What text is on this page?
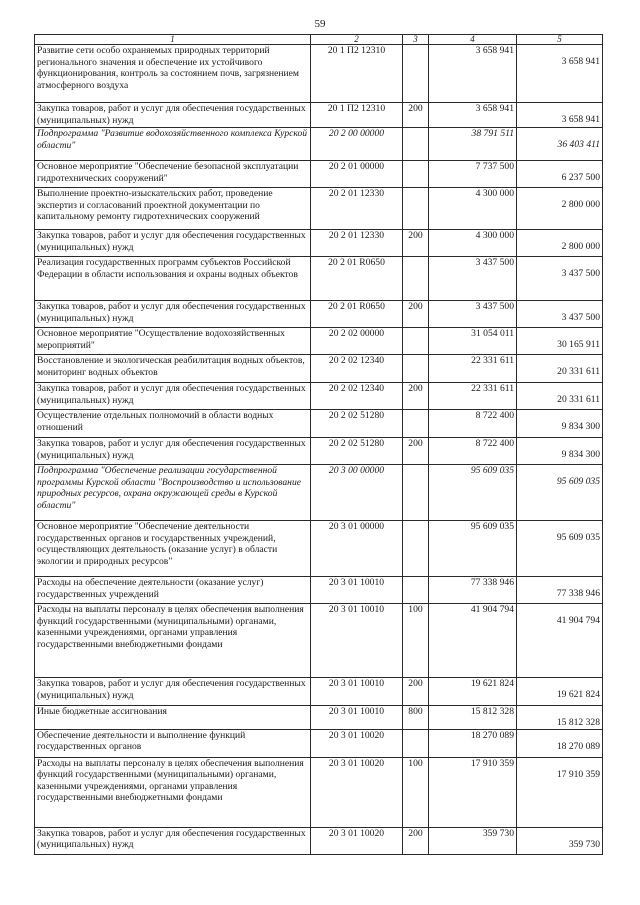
59
1	2	3	4	5
Развитие сети особо охраняемых природных территорий регионального значения и обеспечение их устойчивого функционирования, контроль за состоянием почв, загрязнением атмосферного воздуха	20 1 П2 12310		3 658 941	3 658 941

Закупка товаров, работ и услуг для обеспечения государственных (муниципальных) нужд	20 1 П2 12310	200	3 658 941	3 658 941

Подпрограмма "Развитие водохозяйственного комплекса Курской области"	20 2 00 00000		38 791 511	36 403 411

Основное мероприятие "Обеспечение безопасной эксплуатации гидротехнических сооружений"	20 2 01 00000		7 737 500	6 237 500

Выполнение проектно-изыскательских работ, проведение экспертиз и согласований проектной документации по капитальному ремонту гидротехнических сооружений	20 2 01 12330		4 300 000	2 800 000

Закупка товаров, работ и услуг для обеспечения государственных (муниципальных) нужд	20 2 01 12330	200	4 300 000	2 800 000

Реализация государственных программ субъектов Российской Федерации в области использования и охраны водных объектов	20 2 01 R0650		3 437 500	3 437 500

Закупка товаров, работ и услуг для обеспечения государственных (муниципальных) нужд	20 2 01 R0650	200	3 437 500	3 437 500

Основное мероприятие "Осуществление водохозяйственных мероприятий"	20 2 02 00000		31 054 011	30 165 911

Восстановление и экологическая реабилитация водных объектов, мониторинг водных объектов	20 2 02 12340		22 331 611	20 331 611

Закупка товаров, работ и услуг для обеспечения государственных (муниципальных) нужд	20 2 02 12340	200	22 331 611	20 331 611

Осуществление отдельных полномочий в области водных отношений	20 2 02 51280		8 722 400	9 834 300

Закупка товаров, работ и услуг для обеспечения государственных (муниципальных) нужд	20 2 02 51280	200	8 722 400	9 834 300

Подпрограмма "Обеспечение реализации государственной программы Курской области "Воспроизводство и использование природных ресурсов, охрана окружающей среды в Курской области"	20 3 00 00000		95 609 035	95 609 035

Основное мероприятие "Обеспечение деятельности государственных органов и государственных учреждений, осуществляющих деятельность (оказание услуг) в области экологии и природных ресурсов"	20 3 01 00000		95 609 035	95 609 035

Расходы на обеспечение деятельности (оказание услуг) государственных учреждений	20 3 01 10010		77 338 946	77 338 946

Расходы на выплаты персоналу в целях обеспечения выполнения функций государственными (муниципальными) органами, казенными учреждениями, органами управления государственными внебюджетными фондами	20 3 01 10010	100	41 904 794	41 904 794

Закупка товаров, работ и услуг для обеспечения государственных (муниципальных) нужд	20 3 01 10010	200	19 621 824	19 621 824

Иные бюджетные ассигнования	20 3 01 10010	800	15 812 328	15 812 328

Обеспечение деятельности и выполнение функций государственных органов	20 3 01 10020		18 270 089	18 270 089

Расходы на выплаты персоналу в целях обеспечения выполнения функций государственными (муниципальными) органами, казенными учреждениями, органами управления государственными внебюджетными фондами	20 3 01 10020	100	17 910 359	17 910 359

Закупка товаров, работ и услуг для обеспечения государственных (муниципальных) нужд	20 3 01 10020	200	359 730	359 730
